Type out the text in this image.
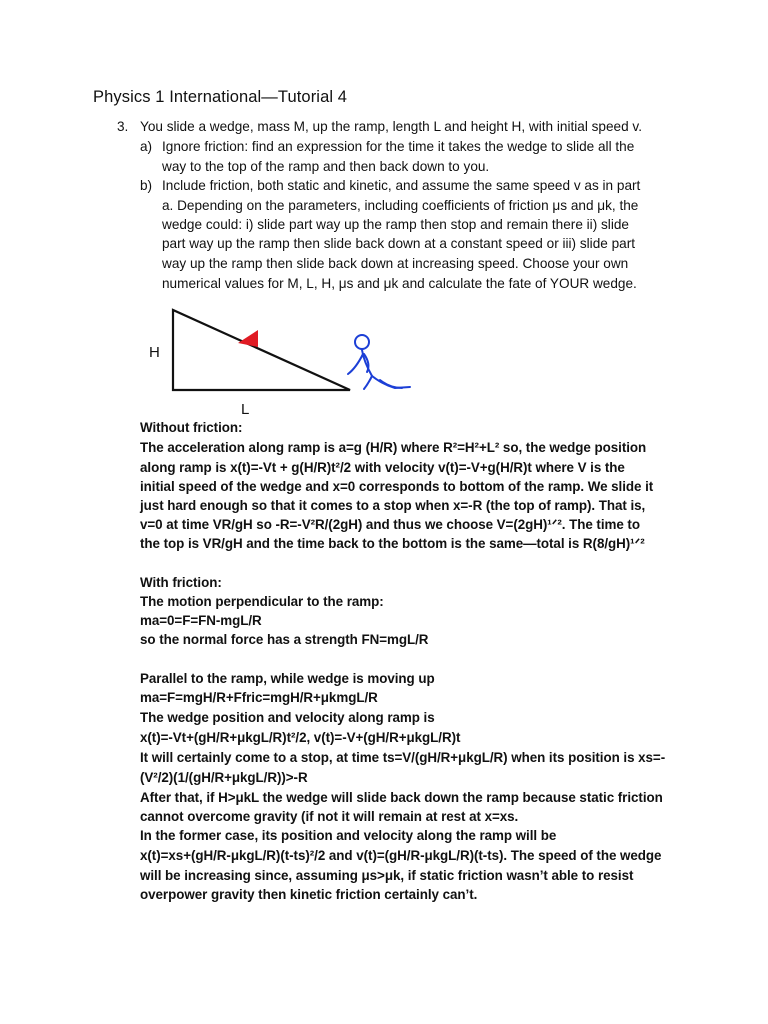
Physics 1 International—Tutorial 4
3. You slide a wedge, mass M, up the ramp, length L and height H, with initial speed v.
a) Ignore friction: find an expression for the time it takes the wedge to slide all the
way to the top of the ramp and then back down to you.
b) Include friction, both static and kinetic, and assume the same speed v as in part
a. Depending on the parameters, including coefficients of friction μs and μk, the
wedge could: i) slide part way up the ramp then stop and remain there ii) slide
part way up the ramp then slide back down at a constant speed or iii) slide part
way up the ramp then slide back down at increasing speed. Choose your own
numerical values for M, L, H, μs and μk and calculate the fate of YOUR wedge.
H
L
Without friction:
The acceleration along ramp is a=g (H/R) where R²=H²+L² so, the wedge position
along ramp is x(t)=-Vt + g(H/R)t²/2 with velocity v(t)=-V+g(H/R)t where V is the
initial speed of the wedge and x=0 corresponds to bottom of the ramp. We slide it
just hard enough so that it comes to a stop when x=-R (the top of ramp). That is,
v=0 at time VR/gH so -R=-V²R/(2gH) and thus we choose V=(2gH)¹ᐟ². The time to
the top is VR/gH and the time back to the bottom is the same—total is R(8/gH)¹ᐟ²
With friction:
The motion perpendicular to the ramp:
ma=0=F=FN-mgL/R
so the normal force has a strength FN=mgL/R
Parallel to the ramp, while wedge is moving up
ma=F=mgH/R+Ffric=mgH/R+μkmgL/R
The wedge position and velocity along ramp is
x(t)=-Vt+(gH/R+μkgL/R)t²/2, v(t)=-V+(gH/R+μkgL/R)t
It will certainly come to a stop, at time ts=V/(gH/R+μkgL/R) when its position is xs=-
(V²/2)(1/(gH/R+μkgL/R))>-R
After that, if H>μkL the wedge will slide back down the ramp because static friction
cannot overcome gravity (if not it will remain at rest at x=xs.
In the former case, its position and velocity along the ramp will be
x(t)=xs+(gH/R-μkgL/R)(t-ts)²/2 and v(t)=(gH/R-μkgL/R)(t-ts). The speed of the wedge
will be increasing since, assuming μs>μk, if static friction wasn’t able to resist
overpower gravity then kinetic friction certainly can’t.
